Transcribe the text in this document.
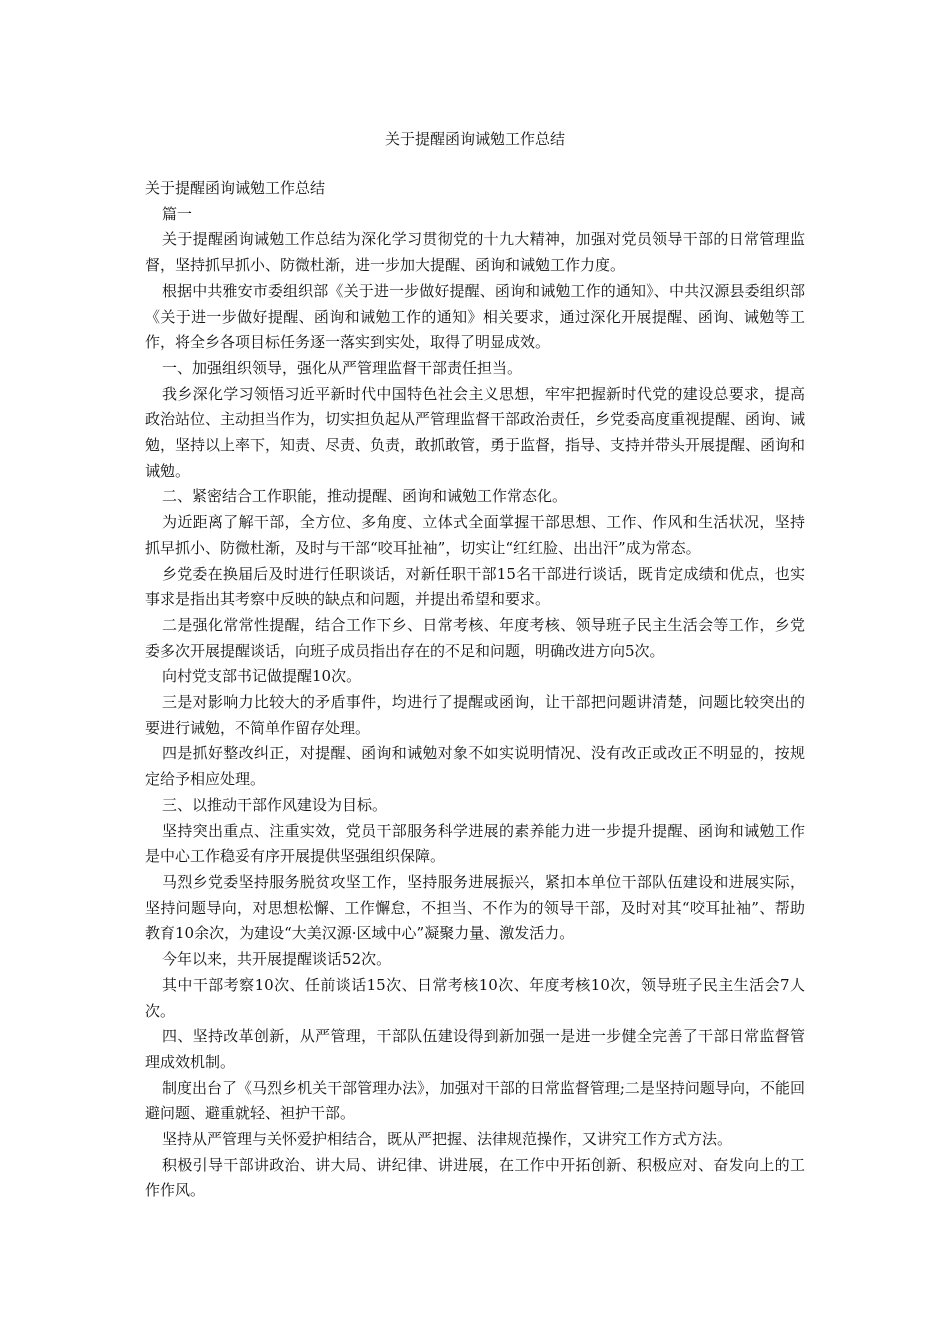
关于提醒函询诫勉工作总结

关于提醒函询诫勉工作总结

篇一

关于提醒函询诫勉工作总结为深化学习贯彻党的十九大精神，加强对党员领导干部的日常管理监督，坚持抓早抓小、防微杜渐，进一步加大提醒、函询和诫勉工作力度。

根据中共雅安市委组织部《关于进一步做好提醒、函询和诫勉工作的通知》、中共汉源县委组织部《关于进一步做好提醒、函询和诫勉工作的通知》相关要求，通过深化开展提醒、函询、诫勉等工作，将全乡各项目标任务逐一落实到实处，取得了明显成效。

一、加强组织领导，强化从严管理监督干部责任担当。

我乡深化学习领悟习近平新时代中国特色社会主义思想，牢牢把握新时代党的建设总要求，提高政治站位、主动担当作为，切实担负起从严管理监督干部政治责任，乡党委高度重视提醒、函询、诫勉，坚持以上率下，知责、尽责、负责，敢抓敢管，勇于监督，指导、支持并带头开展提醒、函询和诫勉。

二、紧密结合工作职能，推动提醒、函询和诫勉工作常态化。

为近距离了解干部，全方位、多角度、立体式全面掌握干部思想、工作、作风和生活状况，坚持抓早抓小、防微杜渐，及时与干部“咬耳扯袖”，切实让“红红脸、出出汗”成为常态。

乡党委在换届后及时进行任职谈话，对新任职干部15名干部进行谈话，既肯定成绩和优点，也实事求是指出其考察中反映的缺点和问题，并提出希望和要求。

二是强化常常性提醒，结合工作下乡、日常考核、年度考核、领导班子民主生活会等工作，乡党委多次开展提醒谈话，向班子成员指出存在的不足和问题，明确改进方向5次。

向村党支部书记做提醒10次。

三是对影响力比较大的矛盾事件，均进行了提醒或函询，让干部把问题讲清楚，问题比较突出的要进行诫勉，不简单作留存处理。

四是抓好整改纠正，对提醒、函询和诫勉对象不如实说明情况、没有改正或改正不明显的，按规定给予相应处理。

三、以推动干部作风建设为目标。

坚持突出重点、注重实效，党员干部服务科学进展的素养能力进一步提升提醒、函询和诫勉工作是中心工作稳妥有序开展提供坚强组织保障。

马烈乡党委坚持服务脱贫攻坚工作，坚持服务进展振兴，紧扣本单位干部队伍建设和进展实际，坚持问题导向，对思想松懈、工作懈怠，不担当、不作为的领导干部，及时对其“咬耳扯袖”、帮助教育10余次，为建设“大美汉源·区域中心”凝聚力量、激发活力。

今年以来，共开展提醒谈话52次。

其中干部考察10次、任前谈话15次、日常考核10次、年度考核10次，领导班子民主生活会7人次。

四、坚持改革创新，从严管理，干部队伍建设得到新加强一是进一步健全完善了干部日常监督管理成效机制。

制度出台了《马烈乡机关干部管理办法》，加强对干部的日常监督管理;二是坚持问题导向，不能回避问题、避重就轻、袒护干部。

坚持从严管理与关怀爱护相结合，既从严把握、法律规范操作，又讲究工作方式方法。

积极引导干部讲政治、讲大局、讲纪律、讲进展，在工作中开拓创新、积极应对、奋发向上的工作作风。
